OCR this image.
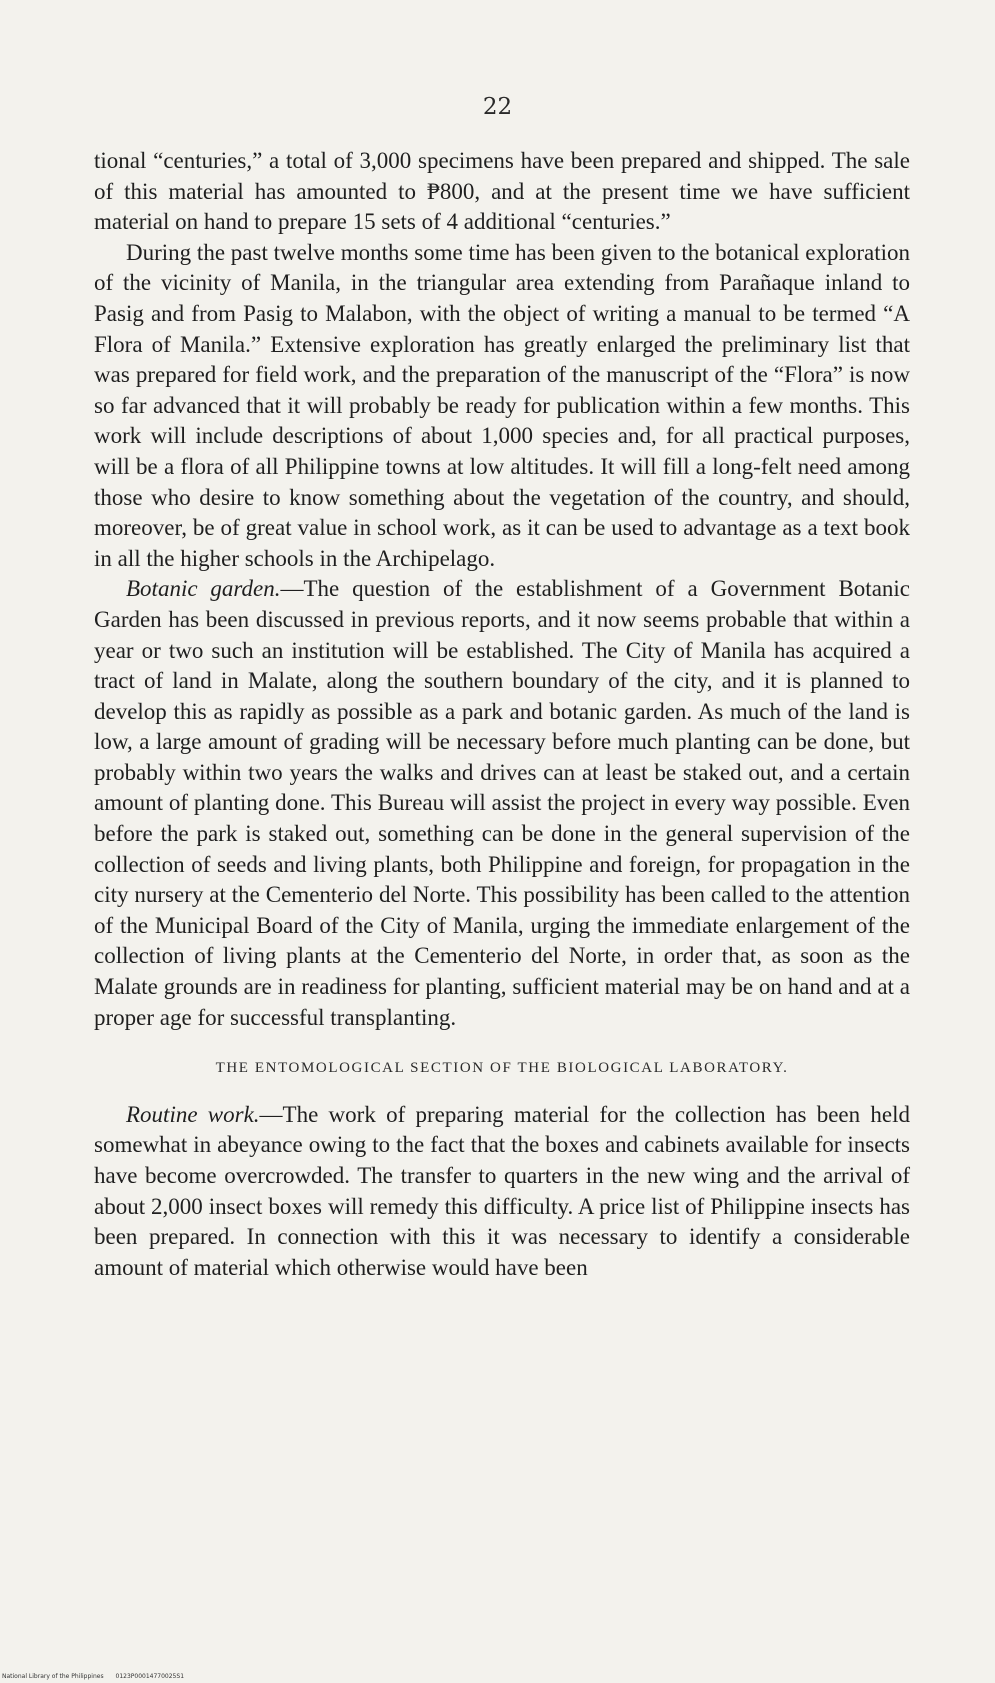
22

tional “centuries,” a total of 3,000 specimens have been prepared and shipped. The sale of this material has amounted to ₱800, and at the present time we have sufficient material on hand to prepare 15 sets of 4 additional “centuries.”

During the past twelve months some time has been given to the botanical exploration of the vicinity of Manila, in the triangular area extending from Parañaque inland to Pasig and from Pasig to Malabon, with the object of writing a manual to be termed “A Flora of Manila.” Extensive exploration has greatly enlarged the preliminary list that was prepared for field work, and the preparation of the manuscript of the “Flora” is now so far advanced that it will probably be ready for publication within a few months. This work will include descriptions of about 1,000 species and, for all practical purposes, will be a flora of all Philippine towns at low altitudes. It will fill a long-felt need among those who desire to know something about the vegetation of the country, and should, moreover, be of great value in school work, as it can be used to advantage as a text book in all the higher schools in the Archipelago.

Botanic garden.—The question of the establishment of a Government Botanic Garden has been discussed in previous reports, and it now seems probable that within a year or two such an institution will be established. The City of Manila has acquired a tract of land in Malate, along the southern boundary of the city, and it is planned to develop this as rapidly as possible as a park and botanic garden. As much of the land is low, a large amount of grading will be necessary before much planting can be done, but probably within two years the walks and drives can at least be staked out, and a certain amount of planting done. This Bureau will assist the project in every way possible. Even before the park is staked out, something can be done in the general supervision of the collection of seeds and living plants, both Philippine and foreign, for propagation in the city nursery at the Cementerio del Norte. This possibility has been called to the attention of the Municipal Board of the City of Manila, urging the immediate enlargement of the collection of living plants at the Cementerio del Norte, in order that, as soon as the Malate grounds are in readiness for planting, sufficient material may be on hand and at a proper age for successful transplanting.

THE ENTOMOLOGICAL SECTION OF THE BIOLOGICAL LABORATORY.

Routine work.—The work of preparing material for the collection has been held somewhat in abeyance owing to the fact that the boxes and cabinets available for insects have become overcrowded. The transfer to quarters in the new wing and the arrival of about 2,000 insect boxes will remedy this difficulty. A price list of Philippine insects has been prepared. In connection with this it was necessary to identify a considerable amount of material which otherwise would have been

National Library of the Philippines 0123P00014770025S1
